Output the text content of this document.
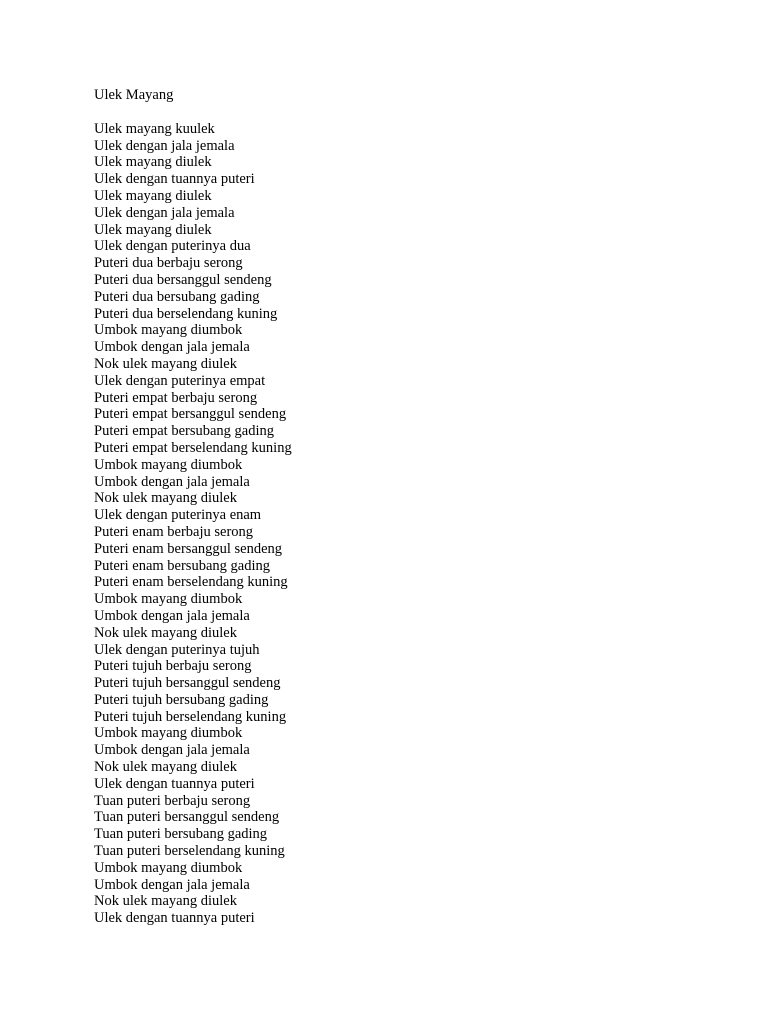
Ulek Mayang
Ulek mayang kuulek
Ulek dengan jala jemala
Ulek mayang diulek
Ulek dengan tuannya puteri
Ulek mayang diulek
Ulek dengan jala jemala
Ulek mayang diulek
Ulek dengan puterinya dua
Puteri dua berbaju serong
Puteri dua bersanggul sendeng
Puteri dua bersubang gading
Puteri dua berselendang kuning
Umbok mayang diumbok
Umbok dengan jala jemala
Nok ulek mayang diulek
Ulek dengan puterinya empat
Puteri empat berbaju serong
Puteri empat bersanggul sendeng
Puteri empat bersubang gading
Puteri empat berselendang kuning
Umbok mayang diumbok
Umbok dengan jala jemala
Nok ulek mayang diulek
Ulek dengan puterinya enam
Puteri enam berbaju serong
Puteri enam bersanggul sendeng
Puteri enam bersubang gading
Puteri enam berselendang kuning
Umbok mayang diumbok
Umbok dengan jala jemala
Nok ulek mayang diulek
Ulek dengan puterinya tujuh
Puteri tujuh berbaju serong
Puteri tujuh bersanggul sendeng
Puteri tujuh bersubang gading
Puteri tujuh berselendang kuning
Umbok mayang diumbok
Umbok dengan jala jemala
Nok ulek mayang diulek
Ulek dengan tuannya puteri
Tuan puteri berbaju serong
Tuan puteri bersanggul sendeng
Tuan puteri bersubang gading
Tuan puteri berselendang kuning
Umbok mayang diumbok
Umbok dengan jala jemala
Nok ulek mayang diulek
Ulek dengan tuannya puteri
